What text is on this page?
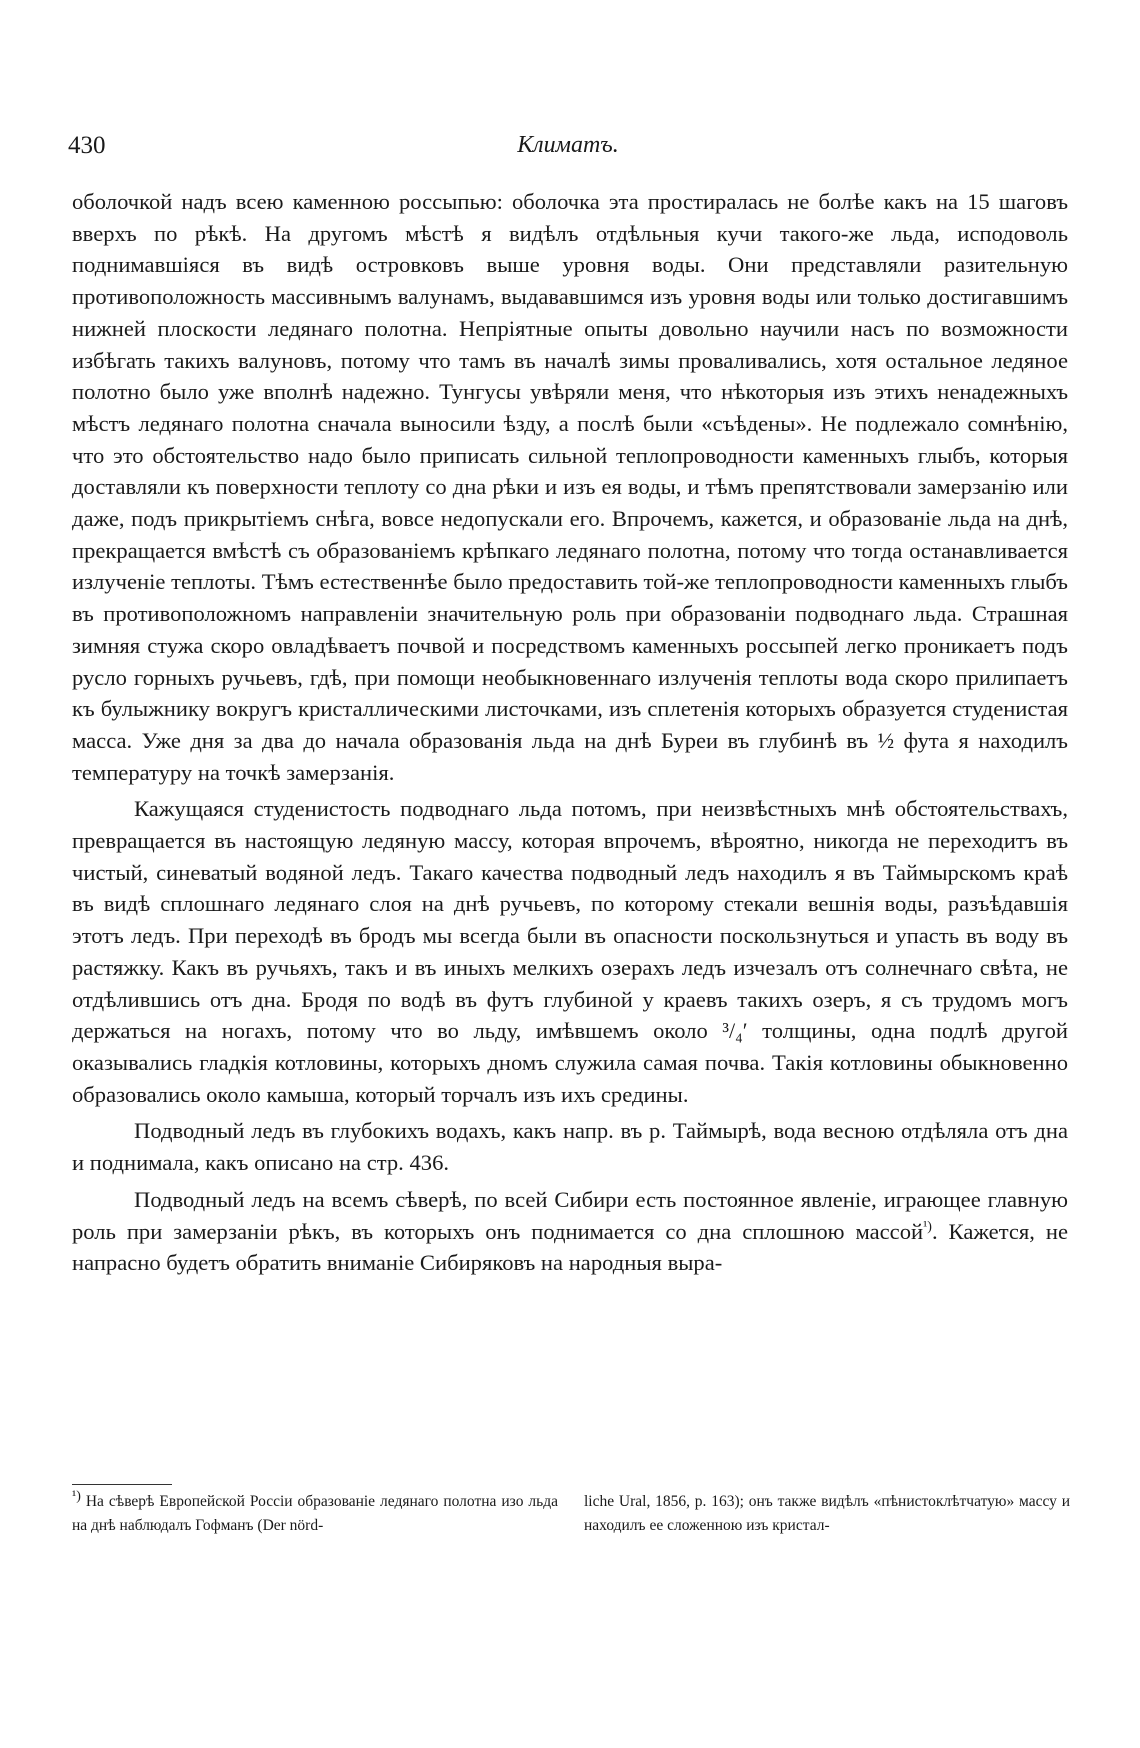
430	Климатъ.

оболочкой надъ всею каменною россыпью: оболочка эта простиралась не болѣе какъ на 15 шаговъ вверхъ по рѣкѣ. На другомъ мѣстѣ я видѣлъ отдѣльныя кучи такого-же льда, исподоволь поднимавшіяся въ видѣ островковъ выше уровня воды. Они представляли разительную противоположность массивнымъ валунамъ, выдававшимся изъ уровня воды или только достигавшимъ нижней плоскости ледянаго полотна. Непріятные опыты довольно научили насъ по возможности избѣгать такихъ валуновъ, потому что тамъ въ началѣ зимы проваливались, хотя остальное ледяное полотно было уже вполнѣ надежно. Тунгусы увѣряли меня, что нѣкоторыя изъ этихъ ненадежныхъ мѣстъ ледянаго полотна сначала выносили ѣзду, а послѣ были «съѣдены». Не подлежало сомнѣнію, что это обстоятельство надо было приписать сильной теплопроводности каменныхъ глыбъ, которыя доставляли къ поверхности теплоту со дна рѣки и изъ ея воды, и тѣмъ препятствовали замерзанію или даже, подъ прикрытіемъ снѣга, вовсе недопускали его. Впрочемъ, кажется, и образованіе льда на днѣ, прекращается вмѣстѣ съ образованіемъ крѣпкаго ледянаго полотна, потому что тогда останавливается излученіе теплоты. Тѣмъ естественнѣе было предоставить той-же теплопроводности каменныхъ глыбъ въ противоположномъ направленіи значительную роль при образованіи подводнаго льда. Страшная зимняя стужа скоро овладѣваетъ почвой и посредствомъ каменныхъ россыпей легко проникаетъ подъ русло горныхъ ручьевъ, гдѣ, при помощи необыкновеннаго излученія теплоты вода скоро прилипаетъ къ булыжнику вокругъ кристаллическими листочками, изъ сплетенія которыхъ образуется студенистая масса. Уже дня за два до начала образованія льда на днѣ Буреи въ глубинѣ въ ½ фута я находилъ температуру на точкѣ замерзанія.

Кажущаяся студенистость подводнаго льда потомъ, при неизвѣстныхъ мнѣ обстоятельствахъ, превращается въ настоящую ледяную массу, которая впрочемъ, вѣроятно, никогда не переходитъ въ чистый, синеватый водяной ледъ. Такаго качества подводный ледъ находилъ я въ Таймырскомъ краѣ въ видѣ сплошнаго ледянаго слоя на днѣ ручьевъ, по которому стекали вешнія воды, разъѣдавшія этотъ ледъ. При переходѣ въ бродъ мы всегда были въ опасности поскользнуться и упасть въ воду въ растяжку. Какъ въ ручьяхъ, такъ и въ иныхъ мелкихъ озерахъ ледъ изчезалъ отъ солнечнаго свѣта, не отдѣлившись отъ дна. Бродя по водѣ въ футъ глубиной у краевъ такихъ озеръ, я съ трудомъ могъ держаться на ногахъ, потому что во льду, имѣвшемъ около ³/₄′ толщины, одна подлѣ другой оказывались гладкія котловины, которыхъ дномъ служила самая почва. Такія котловины обыкновенно образовались около камыша, который торчалъ изъ ихъ средины.

Подводный ледъ въ глубокихъ водахъ, какъ напр. въ р. Таймырѣ, вода весною отдѣляла отъ дна и поднимала, какъ описано на стр. 436.

Подводный ледъ на всемъ сѣверѣ, по всей Сибири есть постоянное явленіе, играющее главную роль при замерзаніи рѣкъ, въ которыхъ онъ поднимается со дна сплошною массой$^{^1)}$. Кажется, не напрасно будетъ обратить вниманіе Сибиряковъ на народныя выра-

$^{^1)}$ На сѣверѣ Европейской Россіи образованіе ледянаго полотна изо льда на днѣ наблюдалъ Гофманъ (Der nörd-
liche Ural, 1856, p. 163); онъ также видѣлъ «пѣнистоклѣтчатую» массу и находилъ ее сложенною изъ кристал-
